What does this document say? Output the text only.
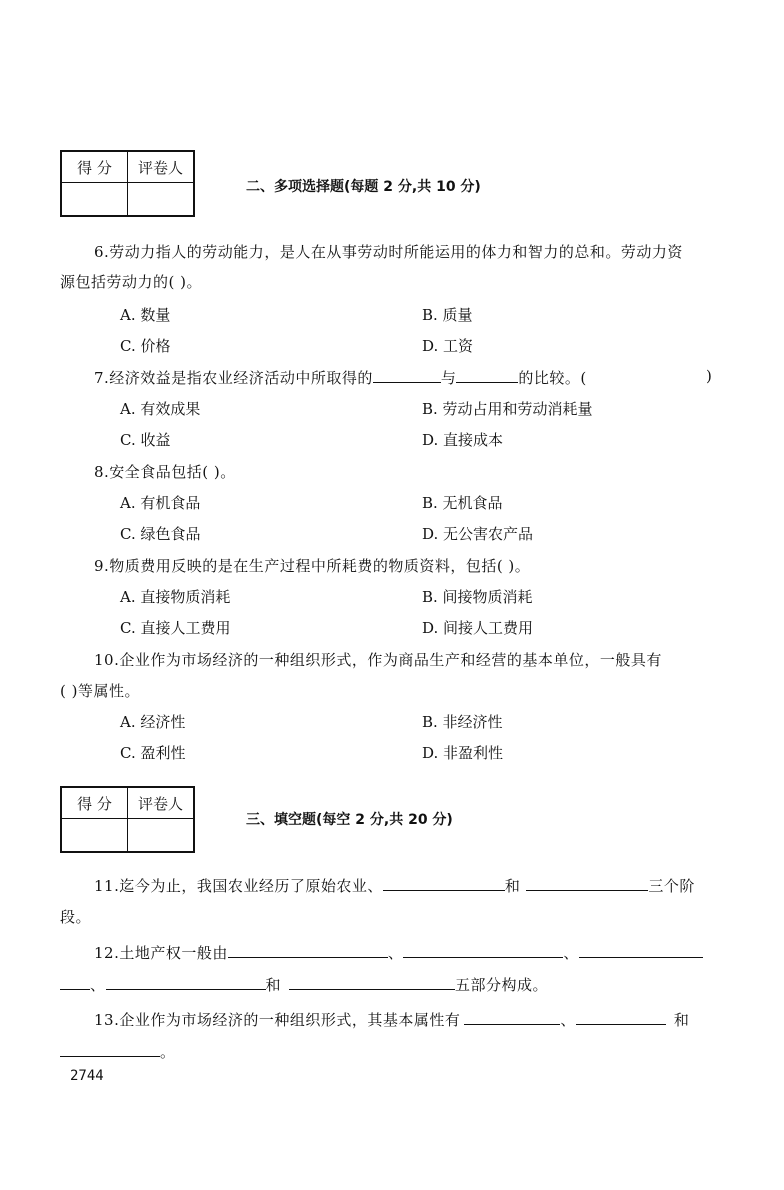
得 分	评卷人

二、多项选择题(每题 2 分,共 10 分)
6.劳动力指人的劳动能力，是人在从事劳动时所能运用的体力和智力的总和。劳动力资
源包括劳动力的( )。
A. 数量	B. 质量
C. 价格	D. 工资
7.经济效益是指农业经济活动中所取得的	与	的比较。(	)
A. 有效成果	B. 劳动占用和劳动消耗量
C. 收益	D. 直接成本
8.安全食品包括( )。
A. 有机食品	B. 无机食品
C. 绿色食品	D. 无公害农产品
9.物质费用反映的是在生产过程中所耗费的物质资料，包括( )。
A. 直接物质消耗	B. 间接物质消耗
C. 直接人工费用	D. 间接人工费用
10.企业作为市场经济的一种组织形式，作为商品生产和经营的基本单位，一般具有
( )等属性。
A. 经济性	B. 非经济性
C. 盈利性	D. 非盈利性
得 分	评卷人

三、填空题(每空 2 分,共 20 分)
11.迄今为止，我国农业经历了原始农业、	和	三个阶
段。
12.土地产权一般由	、	、
、	和	五部分构成。
13.企业作为市场经济的一种组织形式，其基本属性有	、	和
。
2744
